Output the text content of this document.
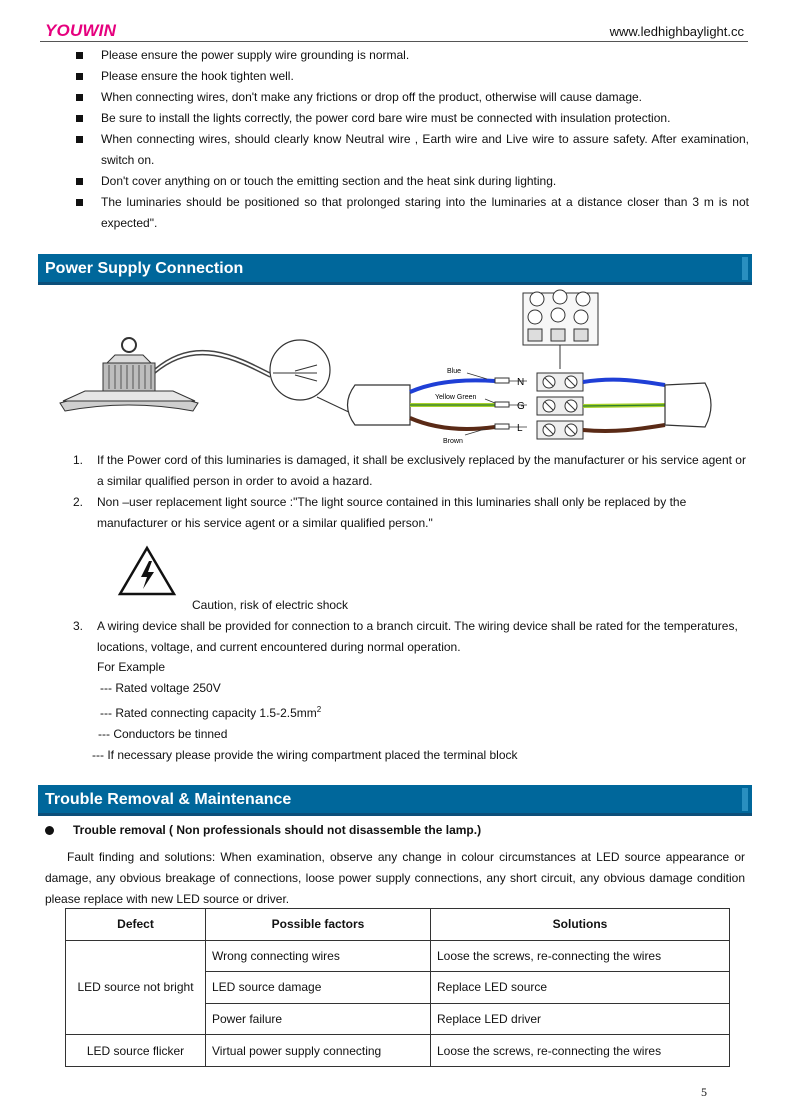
YOUWIN	www.ledhighbaylight.cc
Please ensure the power supply wire grounding is normal.
Please ensure the hook tighten well.
When connecting wires, don't make any frictions or drop off the product, otherwise will cause damage.
Be sure to install the lights correctly, the power cord bare wire must be connected with insulation protection.
When connecting wires, should clearly know Neutral wire , Earth wire and Live wire to assure safety. After examination, switch on.
Don't cover anything on or touch the emitting section and the heat sink during lighting.
The luminaries should be positioned so that prolonged staring into the luminaries at a distance closer than 3 m is not expected".
Power Supply Connection
Blue
Yellow Green
Brown
N
G
L
1. If the Power cord of this luminaries is damaged, it shall be exclusively replaced by the manufacturer or his service agent or a similar qualified person in order to avoid a hazard.
2. Non –user replacement light source :"The light source contained in this luminaries shall only be replaced by the manufacturer or his service agent or a similar qualified person."
Caution, risk of electric shock
3. A wiring device shall be provided for connection to a branch circuit. The wiring device shall be rated for the temperatures, locations, voltage, and current encountered during normal operation.
For Example
--- Rated voltage 250V
--- Rated connecting capacity $1.5-2.5mm^2$
--- Conductors be tinned
--- If necessary please provide the wiring compartment placed the terminal block
Trouble Removal & Maintenance
Trouble removal ( Non professionals should not disassemble the lamp.)
Fault finding and solutions: When examination, observe any change in colour circumstances at LED source appearance or damage, any obvious breakage of connections, loose power supply connections, any short circuit, any obvious damage condition please replace with new LED source or driver.
Defect	Possible factors	Solutions
LED source not bright	Wrong connecting wires	Loose the screws, re-connecting the wires
	LED source damage	Replace LED source
	Power failure	Replace LED driver
LED source flicker	Virtual power supply connecting	Loose the screws, re-connecting the wires
5
